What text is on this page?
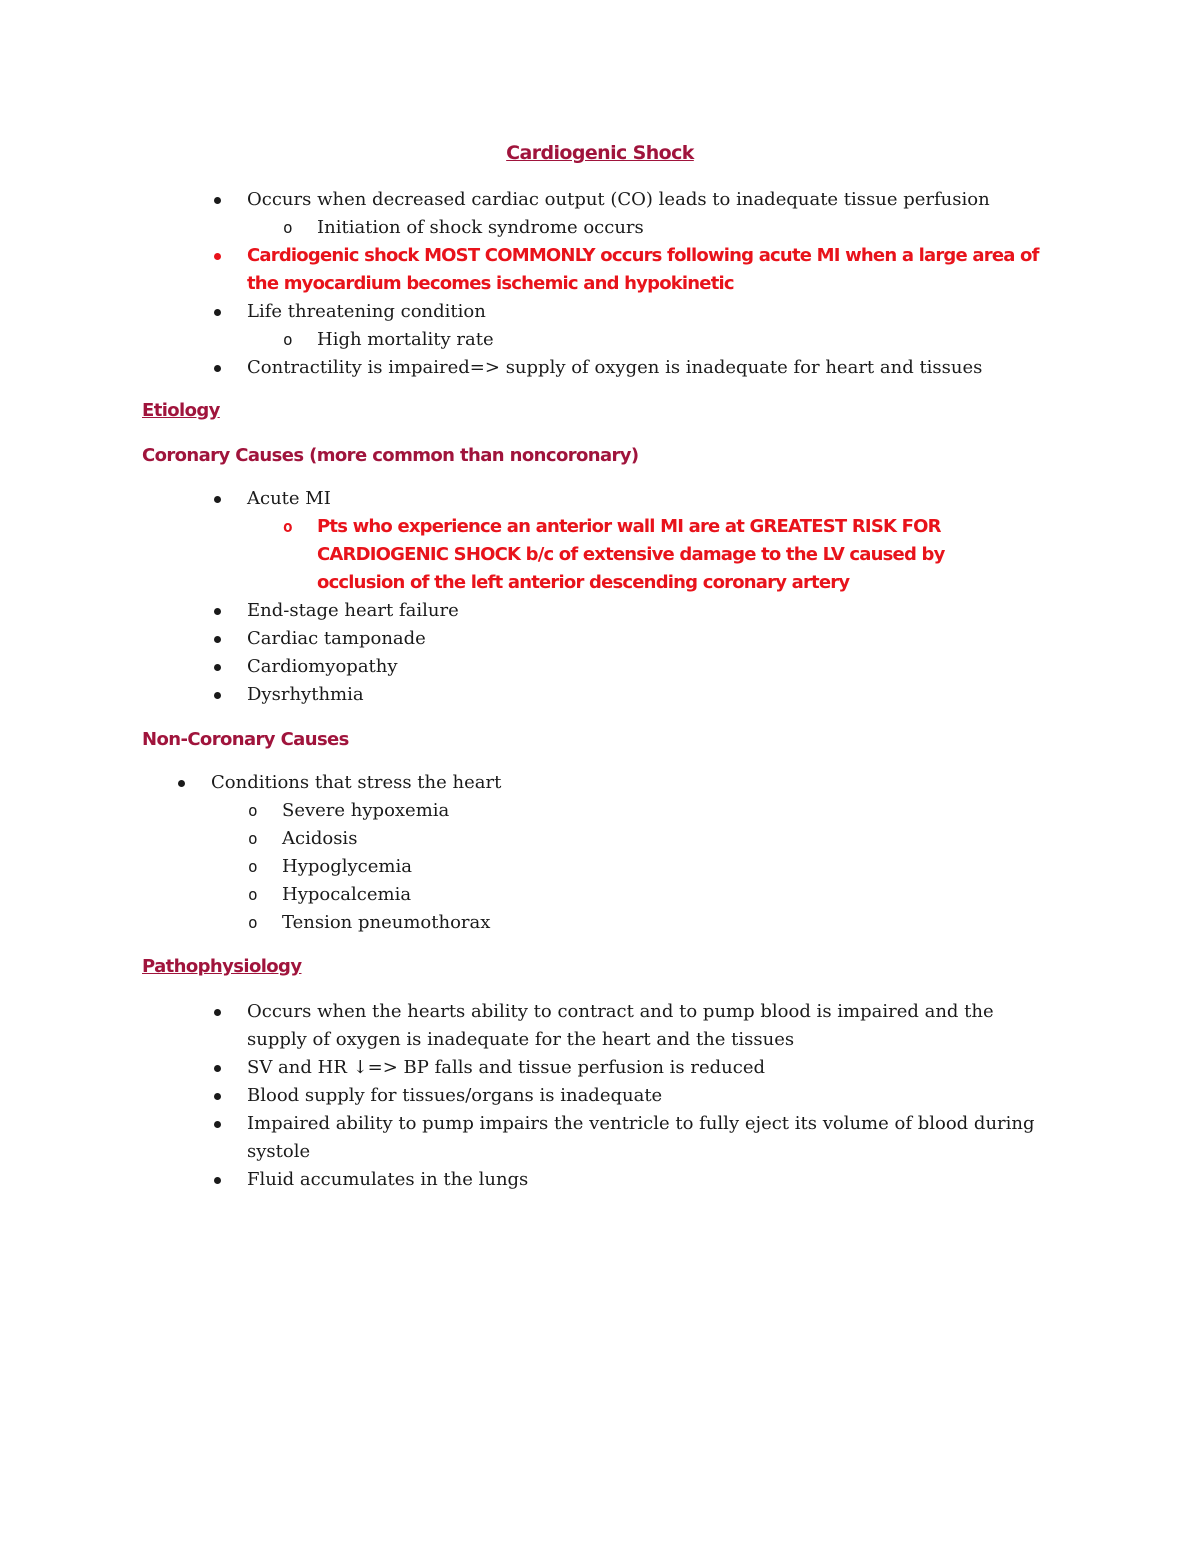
Cardiogenic Shock
Occurs when decreased cardiac output (CO) leads to inadequate tissue perfusion
o Initiation of shock syndrome occurs
Cardiogenic shock MOST COMMONLY occurs following acute MI when a large area of
the myocardium becomes ischemic and hypokinetic
Life threatening condition
o High mortality rate
Contractility is impaired=> supply of oxygen is inadequate for heart and tissues
Etiology
Coronary Causes (more common than noncoronary)
Acute MI
o Pts who experience an anterior wall MI are at GREATEST RISK FOR
CARDIOGENIC SHOCK b/c of extensive damage to the LV caused by
occlusion of the left anterior descending coronary artery
End-stage heart failure
Cardiac tamponade
Cardiomyopathy
Dysrhythmia
Non-Coronary Causes
Conditions that stress the heart
o Severe hypoxemia
o Acidosis
o Hypoglycemia
o Hypocalcemia
o Tension pneumothorax
Pathophysiology
Occurs when the hearts ability to contract and to pump blood is impaired and the
supply of oxygen is inadequate for the heart and the tissues
SV and HR ↓=> BP falls and tissue perfusion is reduced
Blood supply for tissues/organs is inadequate
Impaired ability to pump impairs the ventricle to fully eject its volume of blood during
systole
Fluid accumulates in the lungs
